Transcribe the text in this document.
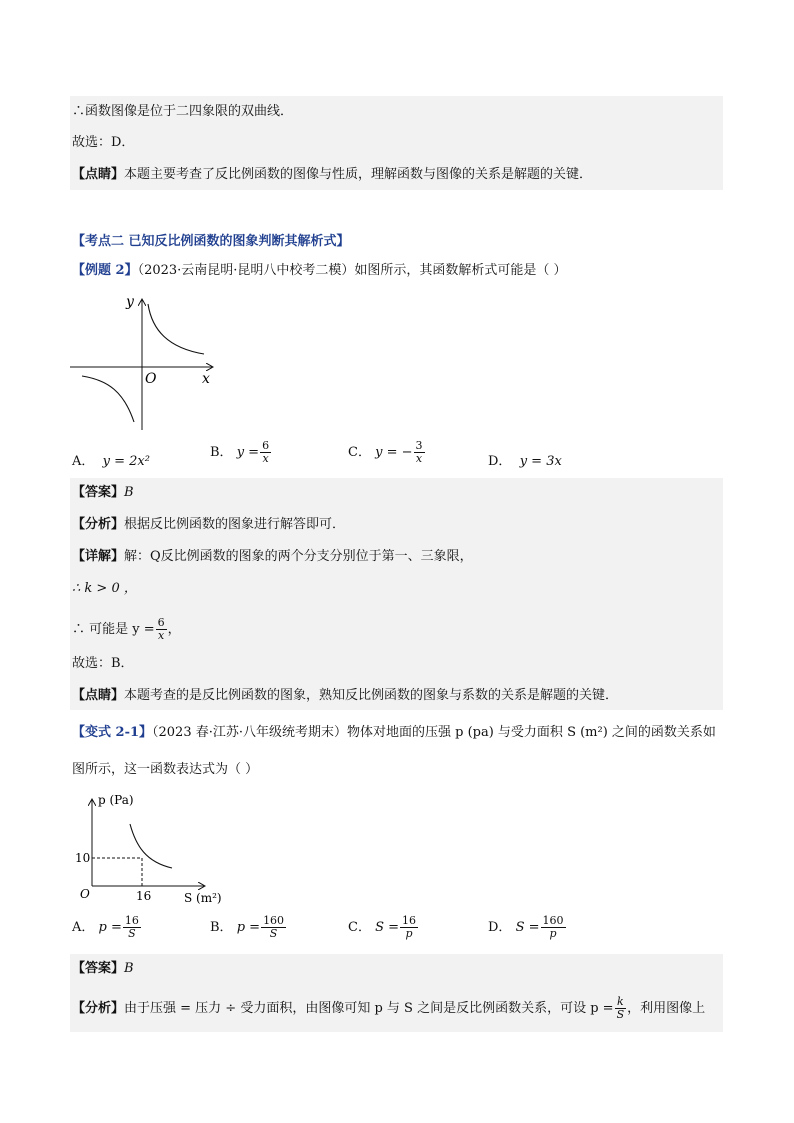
∴函数图像是位于二四象限的双曲线．
故选：D．
【点睛】本题主要考查了反比例函数的图像与性质，理解函数与图像的关系是解题的关键．
【考点二 已知反比例函数的图象判断其解析式】
【例题 2】（2023·云南昆明·昆明八中校考二模）如图所示，其函数解析式可能是（ ）
y
x
O
A． y = 2x²
B． $y = \frac{6}{x}$	C． y = − $\frac{3}{x}$	D． y = 3x
【答案】B
【分析】根据反比例函数的图象进行解答即可．
【详解】解：Q反比例函数的图象的两个分支分别位于第一、三象限，
∴ k > 0 ，
∴ 可能是 $y = \frac{6}{x}$ ，
故选：B．
【点睛】本题考查的是反比例函数的图象，熟知反比例函数的图象与系数的关系是解题的关键．
【变式 2-1】（2023 春·江苏·八年级统考期末）物体对地面的压强 p (pa) 与受力面积 S (m²) 之间的函数关系如
图所示，这一函数表达式为（ ）
p (Pa)
S (m²)
O
10
16
A． $p = \frac{16}{S}$	B． $p = \frac{160}{S}$	C． $S = \frac{16}{p}$	D． $S = \frac{160}{p}$
【答案】B
【分析】由于压强 = 压力 ÷ 受力面积，由图像可知 p 与 S 之间是反比例函数关系，可设 $p = \frac{k}{S}$ ，利用图像上
